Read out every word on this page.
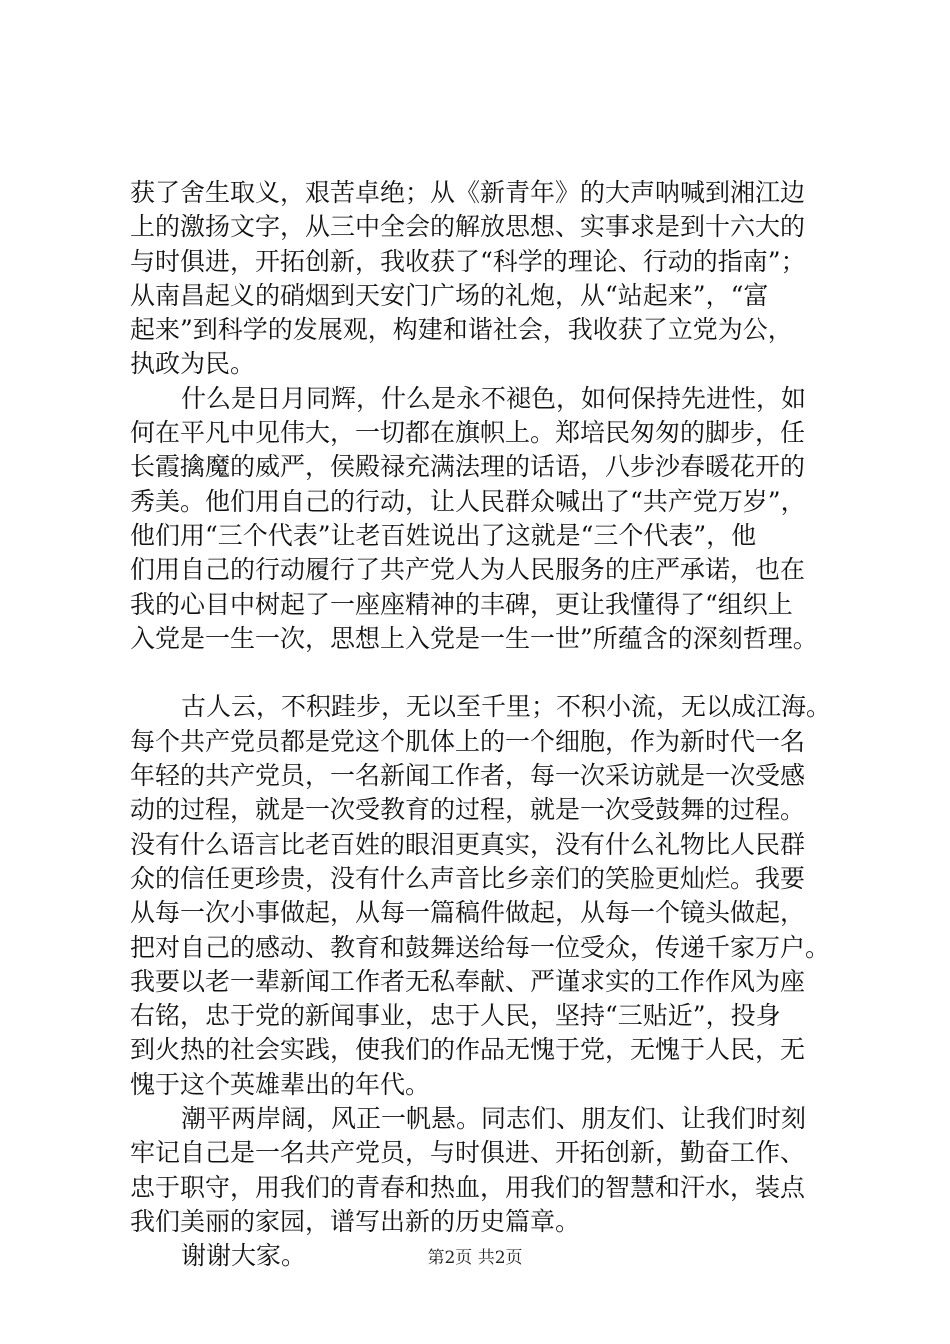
获了舍生取义，艰苦卓绝；从《新青年》的大声呐喊到湘江边
上的激扬文字，从三中全会的解放思想、实事求是到十六大的
与时俱进，开拓创新，我收获了“科学的理论、行动的指南”；
从南昌起义的硝烟到天安门广场的礼炮，从“站起来”，“富
起来”到科学的发展观，构建和谐社会，我收获了立党为公，
执政为民。
什么是日月同辉，什么是永不褪色，如何保持先进性，如
何在平凡中见伟大，一切都在旗帜上。郑培民匆匆的脚步，任
长霞擒魔的威严，侯殿禄充满法理的话语，八步沙春暖花开的
秀美。他们用自己的行动，让人民群众喊出了“共产党万岁”，
他们用“三个代表”让老百姓说出了这就是“三个代表”，他
们用自己的行动履行了共产党人为人民服务的庄严承诺，也在
我的心目中树起了一座座精神的丰碑，更让我懂得了“组织上
入党是一生一次，思想上入党是一生一世”所蕴含的深刻哲理。
古人云，不积跬步，无以至千里；不积小流，无以成江海。
每个共产党员都是党这个肌体上的一个细胞，作为新时代一名
年轻的共产党员，一名新闻工作者，每一次采访就是一次受感
动的过程，就是一次受教育的过程，就是一次受鼓舞的过程。
没有什么语言比老百姓的眼泪更真实，没有什么礼物比人民群
众的信任更珍贵，没有什么声音比乡亲们的笑脸更灿烂。我要
从每一次小事做起，从每一篇稿件做起，从每一个镜头做起，
把对自己的感动、教育和鼓舞送给每一位受众，传递千家万户。
我要以老一辈新闻工作者无私奉献、严谨求实的工作作风为座
右铭，忠于党的新闻事业，忠于人民，坚持“三贴近”，投身
到火热的社会实践，使我们的作品无愧于党，无愧于人民，无
愧于这个英雄辈出的年代。
潮平两岸阔，风正一帆悬。同志们、朋友们、让我们时刻
牢记自己是一名共产党员，与时俱进、开拓创新，勤奋工作、
忠于职守，用我们的青春和热血，用我们的智慧和汗水，装点
我们美丽的家园，谱写出新的历史篇章。
谢谢大家。	第2页 共2页
